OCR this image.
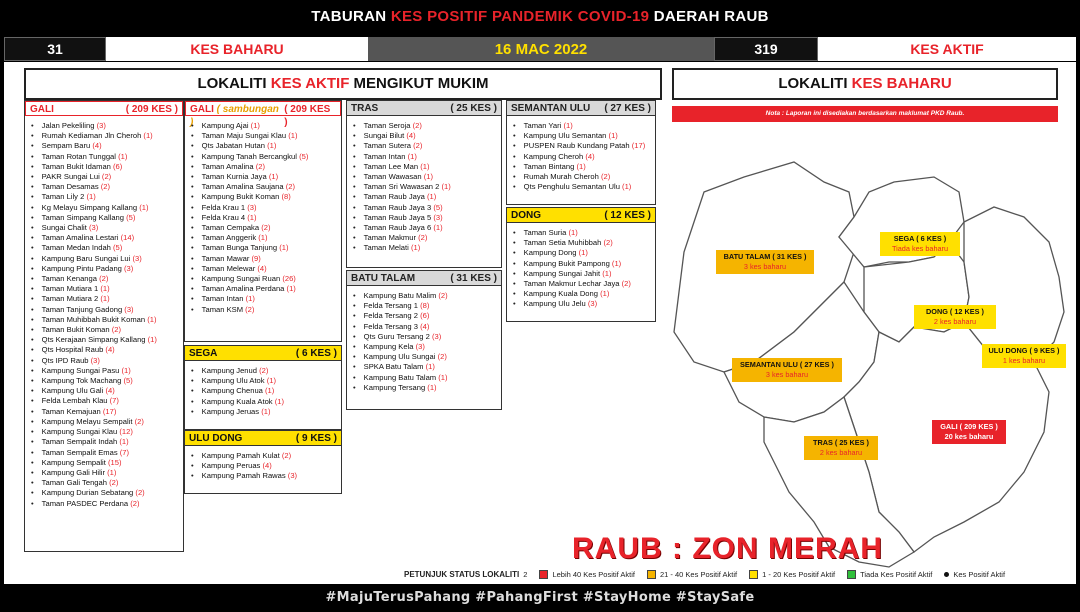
TABURAN KES POSITIF PANDEMIK COVID-19 DAERAH RAUB
31	KES BAHARU	16 MAC 2022	319	KES AKTIF
LOKALITI KES AKTIF MENGIKUT MUKIM
GALI	( 209 KES )
• Jalan Pekeliling (3)
• Rumah Kediaman Jln Cheroh (1)
• Sempam Baru (4)
• Taman Rotan Tunggal (1)
• Taman Bukit Idaman (6)
• PAKR Sungai Lui (2)
• Taman Desamas (2)
• Taman Lily 2 (1)
• Kg Melayu Simpang Kallang (1)
• Taman Simpang Kallang (5)
• Sungai Chalit (3)
• Taman Amalina Lestari (14)
• Taman Medan Indah (5)
• Kampung Baru Sungai Lui (3)
• Kampung Pintu Padang (3)
• Taman Kenanga (2)
• Taman Mutiara 1 (1)
• Taman Mutiara 2 (1)
• Taman Tanjung Gadong (3)
• Taman Muhibbah Bukit Koman (1)
• Taman Bukit Koman (2)
• Qts Kerajaan Simpang Kallang (1)
• Qts Hospital Raub (4)
• Qts IPD Raub (3)
• Kampung Sungai Pasu (1)
• Kampung Tok Machang (5)
• Kampung Ulu Gali (4)
• Felda Lembah Klau (7)
• Taman Kemajuan (17)
• Kampung Melayu Sempalit (2)
• Kampung Sungai Klau (12)
• Taman Sempalit Indah (1)
• Taman Sempalit Emas (7)
• Kampung Sempalit (15)
• Kampung Gali Hilir (1)
• Taman Gali Tengah (2)
• Kampung Durian Sebatang (2)
• Taman PASDEC Perdana (2)
GALI ( sambungan )
( 209 KES )
• Kampung Ajai (1)
• Taman Maju Sungai Klau (1)
• Qts Jabatan Hutan (1)
• Kampung Tanah Bercangkul (5)
• Taman Amalina (2)
• Taman Kurnia Jaya (1)
• Taman Amalina Saujana (2)
• Kampung Bukit Koman (8)
• Felda Krau 1 (3)
• Felda Krau 4 (1)
• Taman Cempaka (2)
• Taman Anggerik (1)
• Taman Bunga Tanjung (1)
• Taman Mawar (9)
• Taman Melewar (4)
• Kampung Sungai Ruan (26)
• Taman Amalina Perdana (1)
• Taman Intan (1)
• Taman KSM (2)
SEGA	( 6 KES )
• Kampung Jenud (2)
• Kampung Ulu Atok (1)
• Kampung Chenua (1)
• Kampung Kuala Atok (1)
• Kampung Jeruas (1)
ULU DONG	( 9 KES )
• Kampung Pamah Kulat (2)
• Kampung Peruas (4)
• Kampung Pamah Rawas (3)
TRAS	( 25 KES )
• Taman Seroja (2)
• Sungai Bilut (4)
• Taman Sutera (2)
• Taman Intan (1)
• Taman Lee Man (1)
• Taman Wawasan (1)
• Taman Sri Wawasan 2 (1)
• Taman Raub Jaya (1)
• Taman Raub Jaya 3 (5)
• Taman Raub Jaya 5 (3)
• Taman Raub Jaya 6 (1)
• Taman Makmur (2)
• Taman Melati (1)
BATU TALAM	( 31 KES )
• Kampung Batu Malim (2)
• Felda Tersang 1 (8)
• Felda Tersang 2 (6)
• Felda Tersang 3 (4)
• Qts Guru Tersang 2 (3)
• Kampung Kela (3)
• Kampung Ulu Sungai (2)
• SPKA Batu Talam (1)
• Kampung Batu Talam (1)
• Kampung Tersang (1)
SEMANTAN ULU ( 27 KES )
• Taman Yari (1)
• Kampung Ulu Semantan (1)
• PUSPEN Raub Kundang Patah (17)
• Kampung Cheroh (4)
• Taman Bintang (1)
• Rumah Murah Cheroh (2)
• Qts Penghulu Semantan Ulu (1)
DONG	( 12 KES )
• Taman Suria (1)
• Taman Setia Muhibbah (2)
• Kampung Dong (1)
• Kampung Bukit Pampong (1)
• Kampung Sungai Jahit (1)
• Taman Makmur Lechar Jaya (2)
• Kampung Kuala Dong (1)
• Kampung Ulu Jelu (3)
LOKALITI KES BAHARU
Nota : Laporan ini disediakan berdasarkan maklumat PKD Raub.
BATU TALAM ( 31 KES )
3 kes baharu
SEGA ( 6 KES )
Tiada kes baharu
DONG ( 12 KES )
2 kes baharu
ULU DONG ( 9 KES )
1 kes baharu
SEMANTAN ULU ( 27 KES )
3 kes baharu
TRAS ( 25 KES )
2 kes baharu
GALI ( 209 KES )
20 kes baharu
RAUB : ZON MERAH
PETUNJUK STATUS LOKALITI 2	Lebih 40 Kes Positif Aktif	21 - 40 Kes Positif Aktif	1 - 20 Kes Positif Aktif	Tiada Kes Positif Aktif	Kes Positif Aktif
#MajuTerusPahang #PahangFirst #StayHome #StaySafe
